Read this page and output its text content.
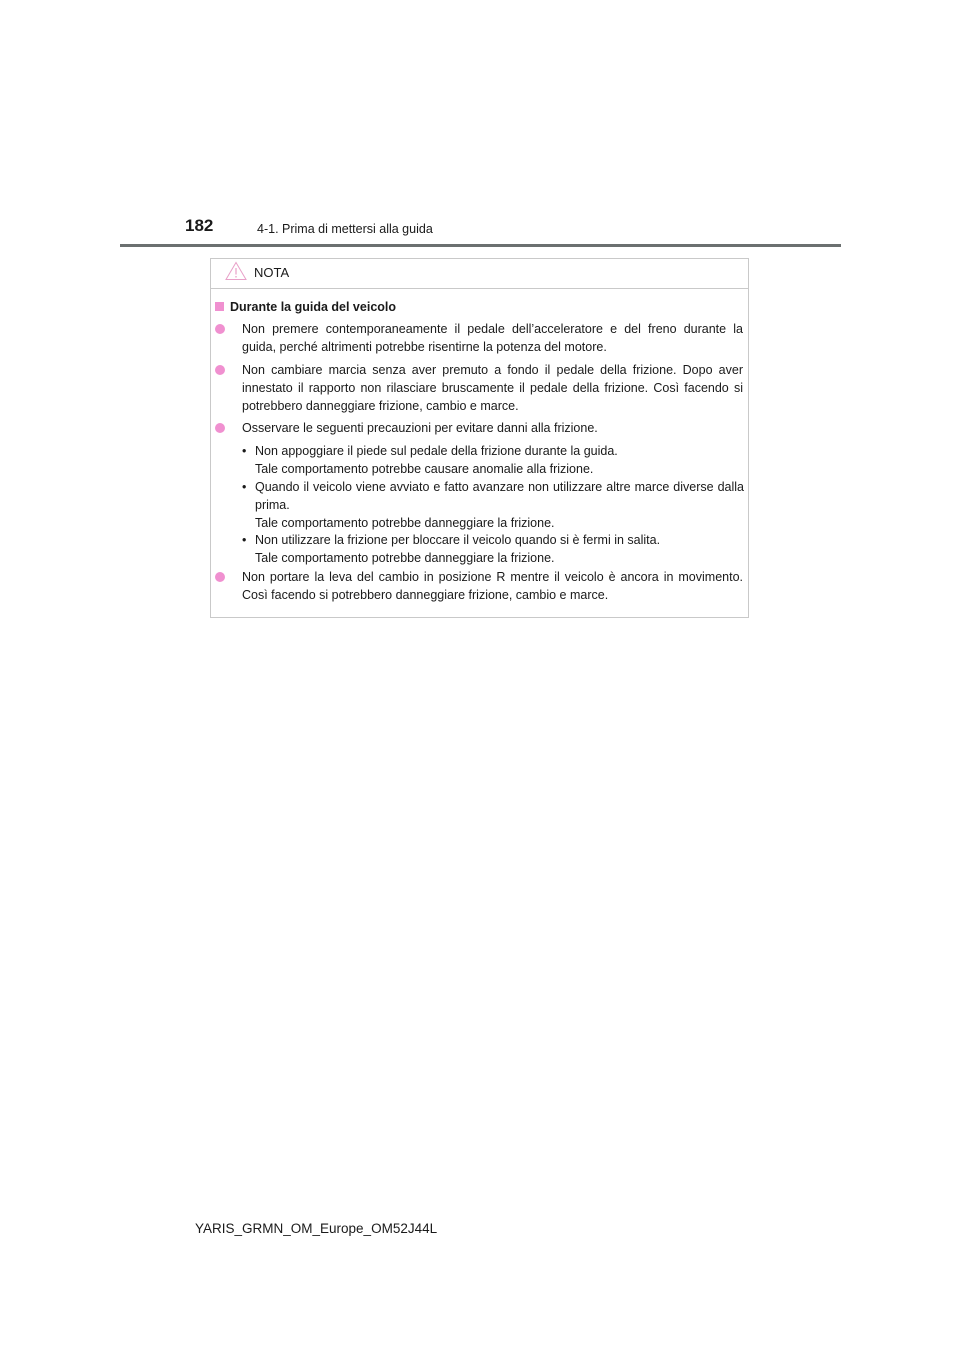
182	4-1. Prima di mettersi alla guida
NOTA
Durante la guida del veicolo
Non premere contemporaneamente il pedale dell’acceleratore e del freno durante la guida, perché altrimenti potrebbe risentirne la potenza del motore.
Non cambiare marcia senza aver premuto a fondo il pedale della frizione. Dopo aver innestato il rapporto non rilasciare bruscamente il pedale della frizione. Così facendo si potrebbero danneggiare frizione, cambio e marce.
Osservare le seguenti precauzioni per evitare danni alla frizione.
• Non appoggiare il piede sul pedale della frizione durante la guida.
Tale comportamento potrebbe causare anomalie alla frizione.
• Quando il veicolo viene avviato e fatto avanzare non utilizzare altre marce diverse dalla prima.
Tale comportamento potrebbe danneggiare la frizione.
• Non utilizzare la frizione per bloccare il veicolo quando si è fermi in salita.
Tale comportamento potrebbe danneggiare la frizione.
Non portare la leva del cambio in posizione R mentre il veicolo è ancora in movimento. Così facendo si potrebbero danneggiare frizione, cambio e marce.
YARIS_GRMN_OM_Europe_OM52J44L
